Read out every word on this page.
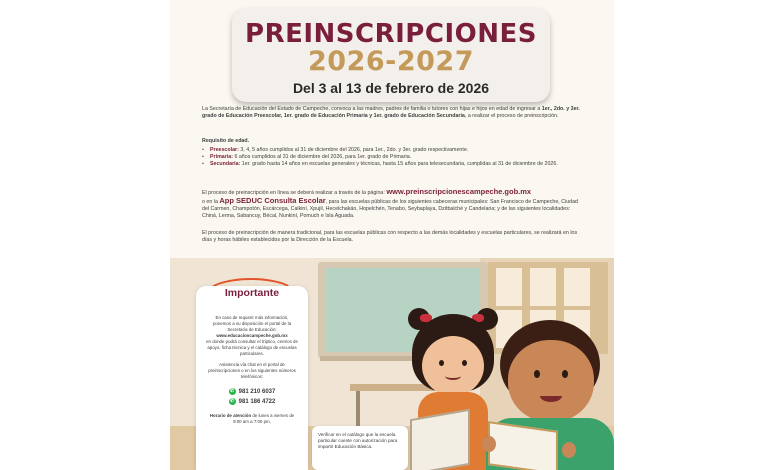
PREINSCRIPCIONES
2026-2027
Del 3 al 13 de febrero de 2026
La Secretaría de Educación del Estado de Campeche, convoca a las madres, padres de familia o tutores con hijas e hijos en edad de ingresar a 1er., 2do. y 3er. grado de Educación Preescolar, 1er. grado de Educación Primaria y 1er. grado de Educación Secundaria, a realizar el proceso de preinscripción.
Requisito de edad.
•	Preescolar: 3, 4, 5 años cumplidos al 31 de diciembre del 2026, para 1er., 2do. y 3er. grado respectivamente.
•	Primaria: 6 años cumplidos al 31 de diciembre del 2026, para 1er. grado de Primaria.
•	Secundaria: 1er. grado hasta 14 años en escuelas generales y técnicas, hasta 15 años para telesecundaria, cumplidas al 31 de diciembre de 2026.
El proceso de preinscripción en línea se deberá realizar a través de la página: www.preinscripcionescampeche.gob.mx
o en la App SEDUC Consulta Escolar, para las escuelas públicas de los siguientes cabeceras municipales: San Francisco de Campeche, Ciudad del Carmen, Champotón, Escárcega, Calkiní, Xpujil, Hecelchakán, Hopelchén, Tenabo, Seybaplaya, Dzitbalché y Candelaria; y de las siguientes localidades: Chiná, Lerma, Sabancuy, Bécal, Nunkiní, Pomuch e Isla Aguada.
El proceso de preinscripción de manera tradicional, para las escuelas públicas con respecto a las demás localidades y escuelas particulares, se realizará en los días y horas hábiles establecidos por la Dirección de la Escuela.
En caso de requerir más información, ponemos a su disposición el portal de la Secretaría de Educación:
www.educacioncampeche.gob.mx
en donde podrá consultar el tríptico, centros de apoyo, ficha técnica y el catálogo de escuelas particulares.
Asistencia vía chat en el portal de preinscripciones o en los siguientes números telefónicos:
✆ 981 210 6037
✆ 981 186 4722
Horario de atención de lunes a viernes de 9:00 am a 7:00 pm.
Importante
Verificar en el catálogo que la escuela particular cuente con autorización para impartir Educación Básica.
